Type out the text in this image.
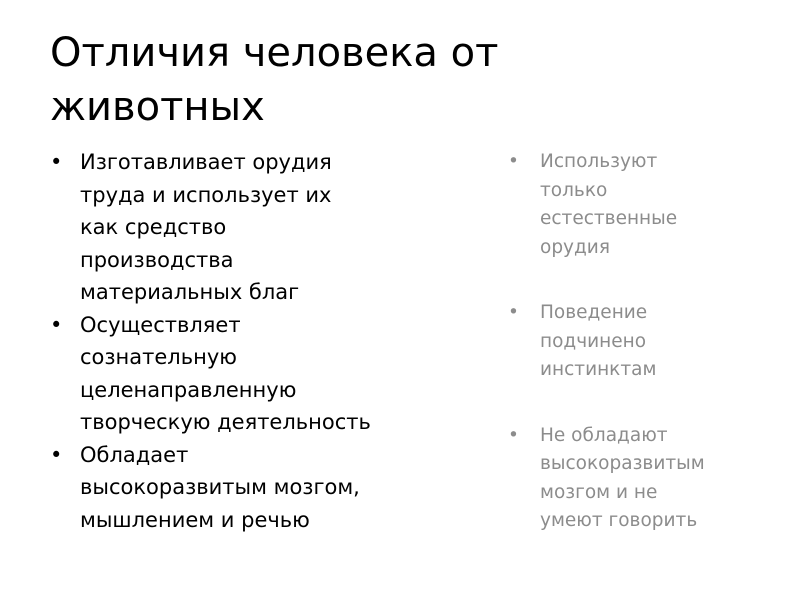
Отличия человека от
животных
• Изготавливает орудия
труда и использует их
как средство
производства
материальных благ
• Осуществляет
сознательную
целенаправленную
творческую деятельность
• Обладает
высокоразвитым мозгом,
мышлением и речью
•	Используют
только
естественные
орудия
•	Поведение
подчинено
инстинктам
•	Не обладают
высокоразвитым
мозгом и не
умеют говорить
